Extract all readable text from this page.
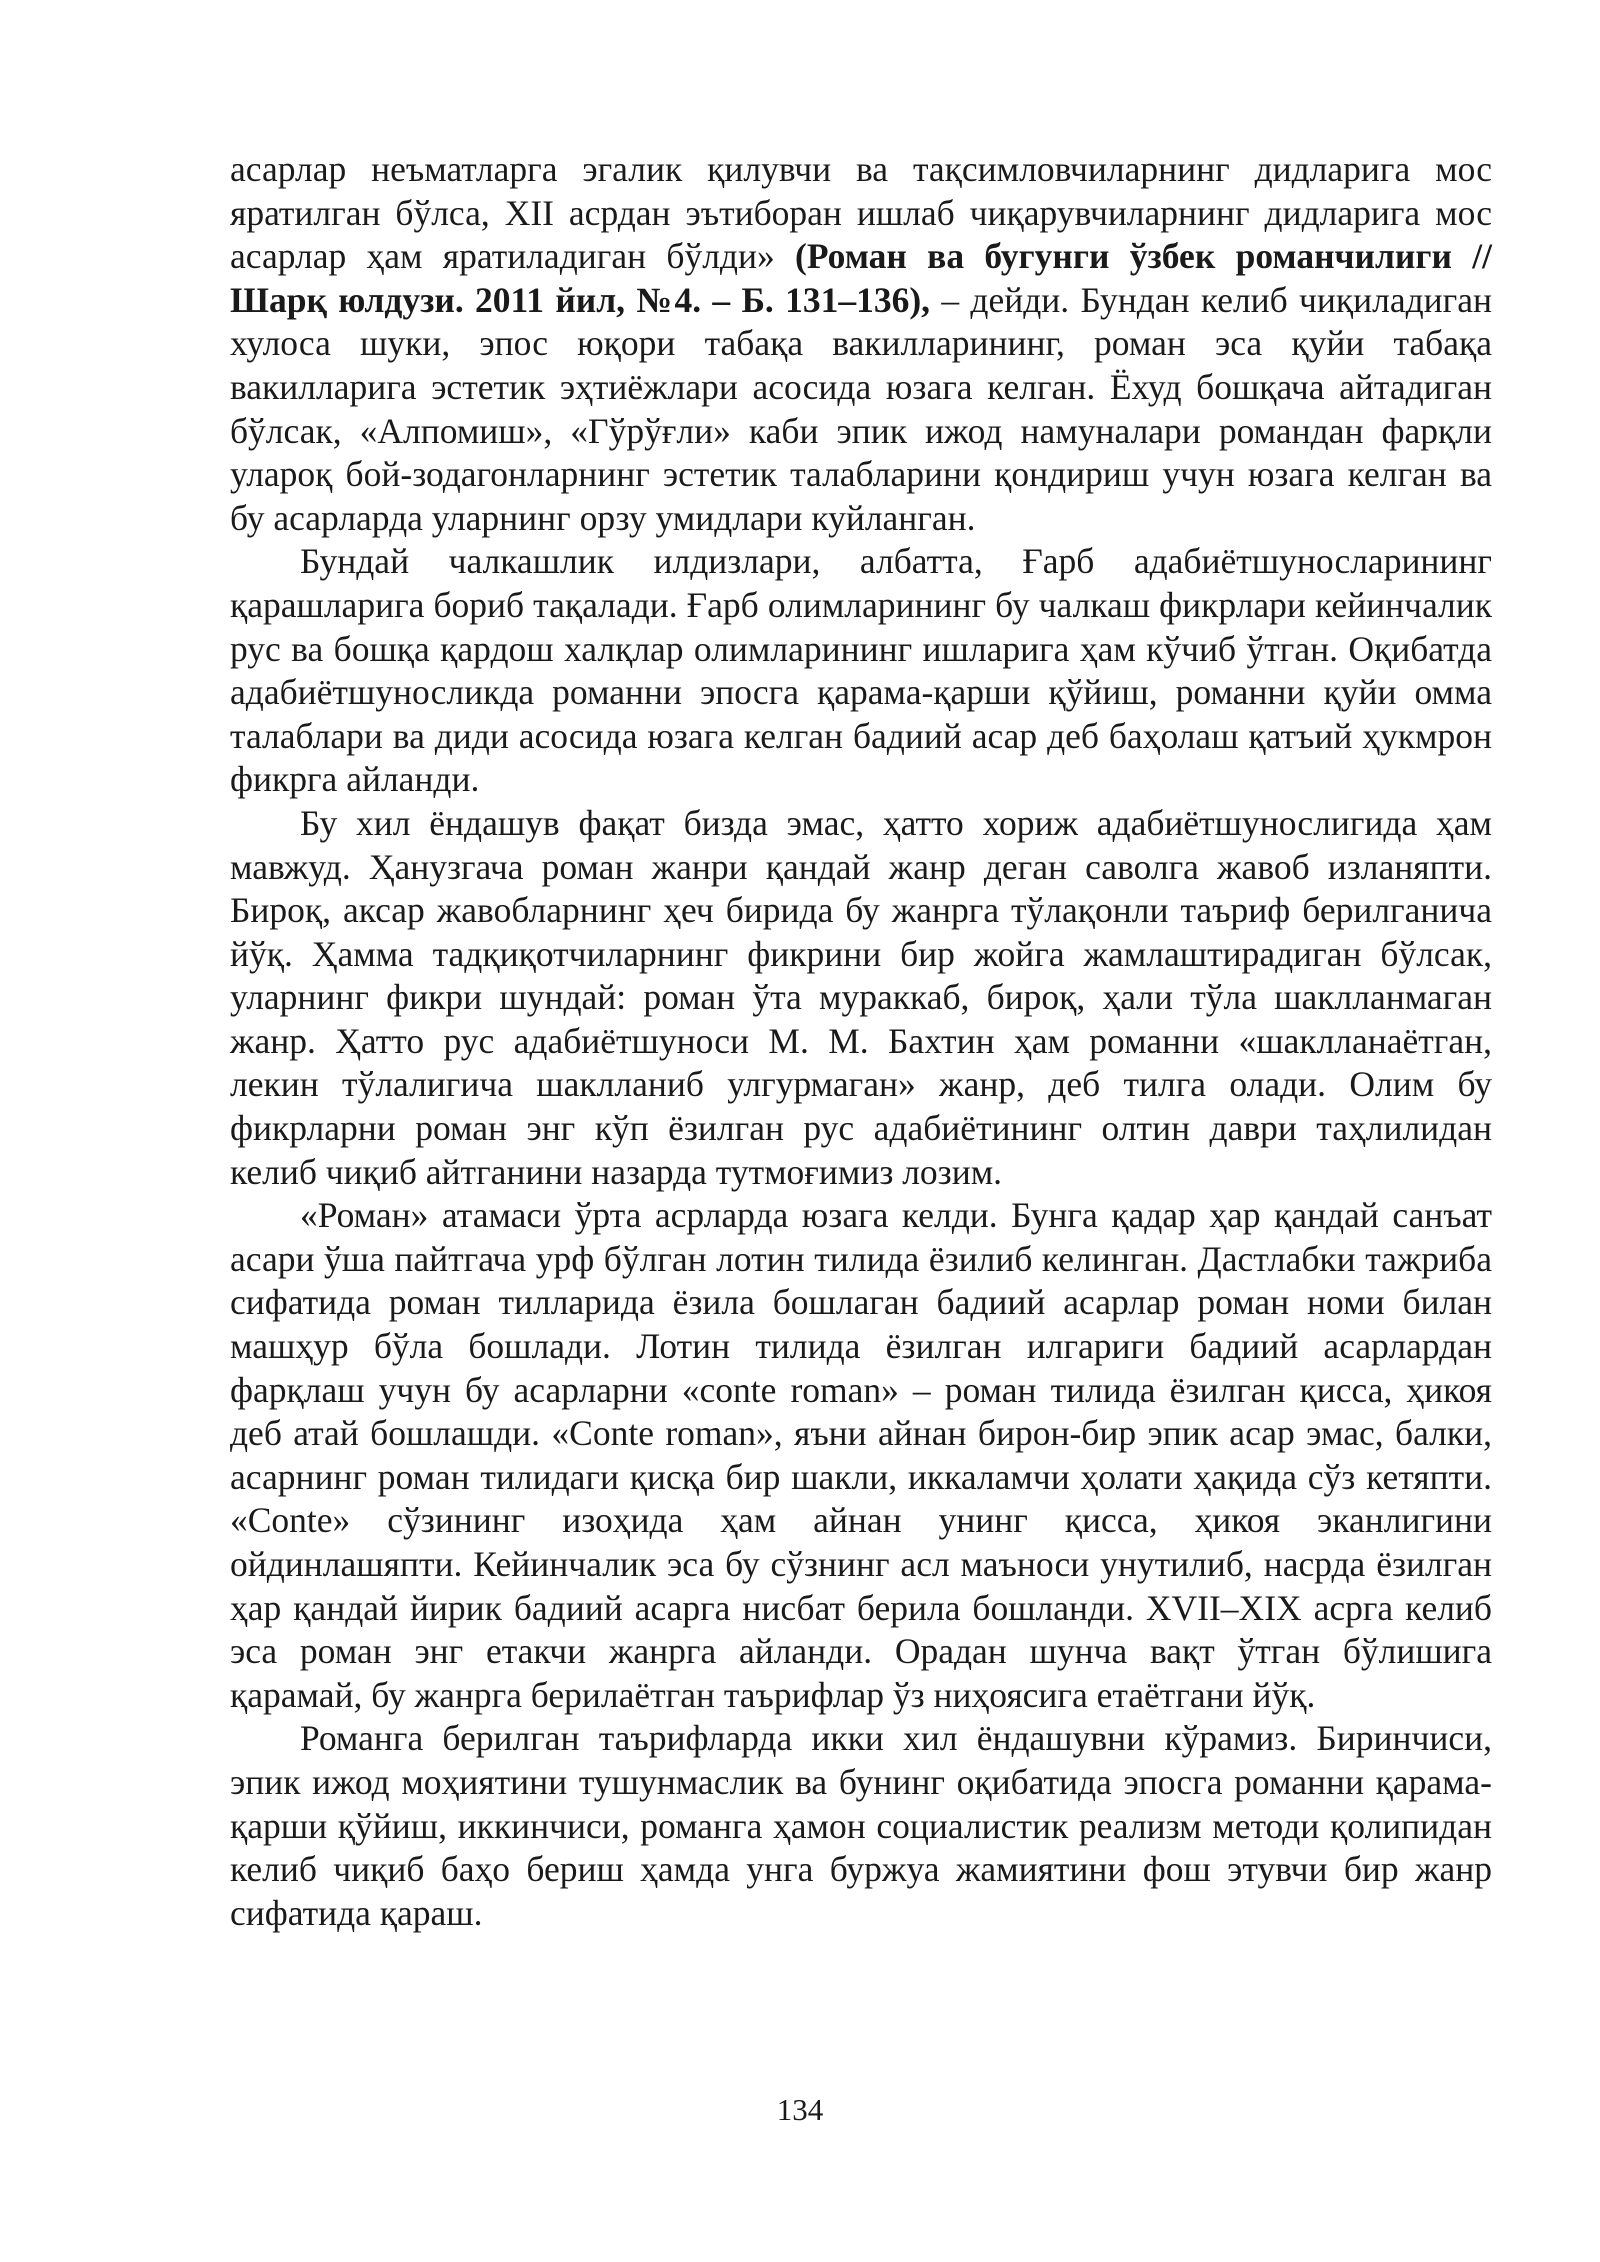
асарлар неъматларга эгалик қилувчи ва тақсимловчиларнинг дидларига мос яратилган бўлса, XII асрдан эътиборан ишлаб чиқарувчиларнинг дидларига мос асарлар ҳам яратиладиган бўлди» (Роман ва бугунги ўзбек романчилиги // Шарқ юлдузи. 2011 йил, №4. – Б. 131–136), – дейди. Бундан келиб чиқиладиган хулоса шуки, эпос юқори табақа вакилларининг, роман эса қуйи табақа вакилларига эстетик эҳтиёжлари асосида юзага келган. Ёхуд бошқача айтадиган бўлсак, «Алпомиш», «Гўрўғли» каби эпик ижод намуналари романдан фарқли уларoқ бой-зодагонларнинг эстетик талабларини қондириш учун юзага келган ва бу асарларда уларнинг орзу умидлари куйланган.

Бундай чалкашлик илдизлари, албатта, Ғарб адабиётшуносларининг қарашларига бориб тақалади. Ғарб олимларининг бу чалкаш фикрлари кейинчалик рус ва бошқа қардош халқлар олимларининг ишларига ҳам кўчиб ўтган. Оқибатда адабиётшуносликда романни эпосга қарама-қарши қўйиш, романни қуйи омма талаблари ва диди асосида юзага келган бадиий асар деб баҳолаш қатъий ҳукмрон фикрга айланди.

Бу хил ёндашув фақат бизда эмас, ҳатто хориж адабиётшунослигида ҳам мавжуд. Ҳанузгача роман жанри қандай жанр деган саволга жавоб изланяпти. Бироқ, аксар жавобларнинг ҳеч бирида бу жанрга тўлақонли таъриф берилганича йўқ. Ҳамма тадқиқотчиларнинг фикрини бир жойга жамлаштирадиган бўлсак, уларнинг фикри шундай: роман ўта мураккаб, бироқ, ҳали тўла шаклланмаган жанр. Ҳатто рус адабиётшуноси М. М. Бахтин ҳам романни «шаклланаётган, лекин тўлалигича шаклланиб улгурмаган» жанр, деб тилга олади. Олим бу фикрларни роман энг кўп ёзилган рус адабиётининг олтин даври таҳлилидан келиб чиқиб айтганини назарда тутмоғимиз лозим.

«Роман» атамаси ўрта асрларда юзага келди. Бунга қадар ҳар қандай санъат асари ўша пайтгача урф бўлган лотин тилида ёзилиб келинган. Дастлабки тажриба сифатида роман тилларида ёзила бошлаган бадиий асарлар роман номи билан машҳур бўла бошлади. Лотин тилида ёзилган илгариги бадиий асарлардан фарқлаш учун бу асарларни «conte roman» – роман тилида ёзилган қисса, ҳикоя деб атай бошлашди. «Conte roman», яъни айнан бирон-бир эпик асар эмас, балки, асарнинг роман тилидаги қисқа бир шакли, иккаламчи ҳолати ҳақида сўз кетяпти. «Conte» сўзининг изоҳида ҳам айнан унинг қисса, ҳикоя эканлигини ойдинлашяпти. Кейинчалик эса бу сўзнинг асл маъноси унутилиб, насрда ёзилган ҳар қандай йирик бадиий асарга нисбат берила бошланди. XVII–XIX асрга келиб эса роман энг етакчи жанрга айланди. Орадан шунча вақт ўтган бўлишига қарамай, бу жанрга берилаётган таърифлар ўз ниҳоясига етаётгани йўқ.

Романга берилган таърифларда икки хил ёндашувни кўрамиз. Биринчиси, эпик ижод моҳиятини тушунмаслик ва бунинг оқибатида эпосга романни қарама-қарши қўйиш, иккинчиси, романга ҳамон социалистик реализм методи қолипидан келиб чиқиб баҳо бериш ҳамда унга буржуа жамиятини фош этувчи бир жанр сифатида қараш.

134
